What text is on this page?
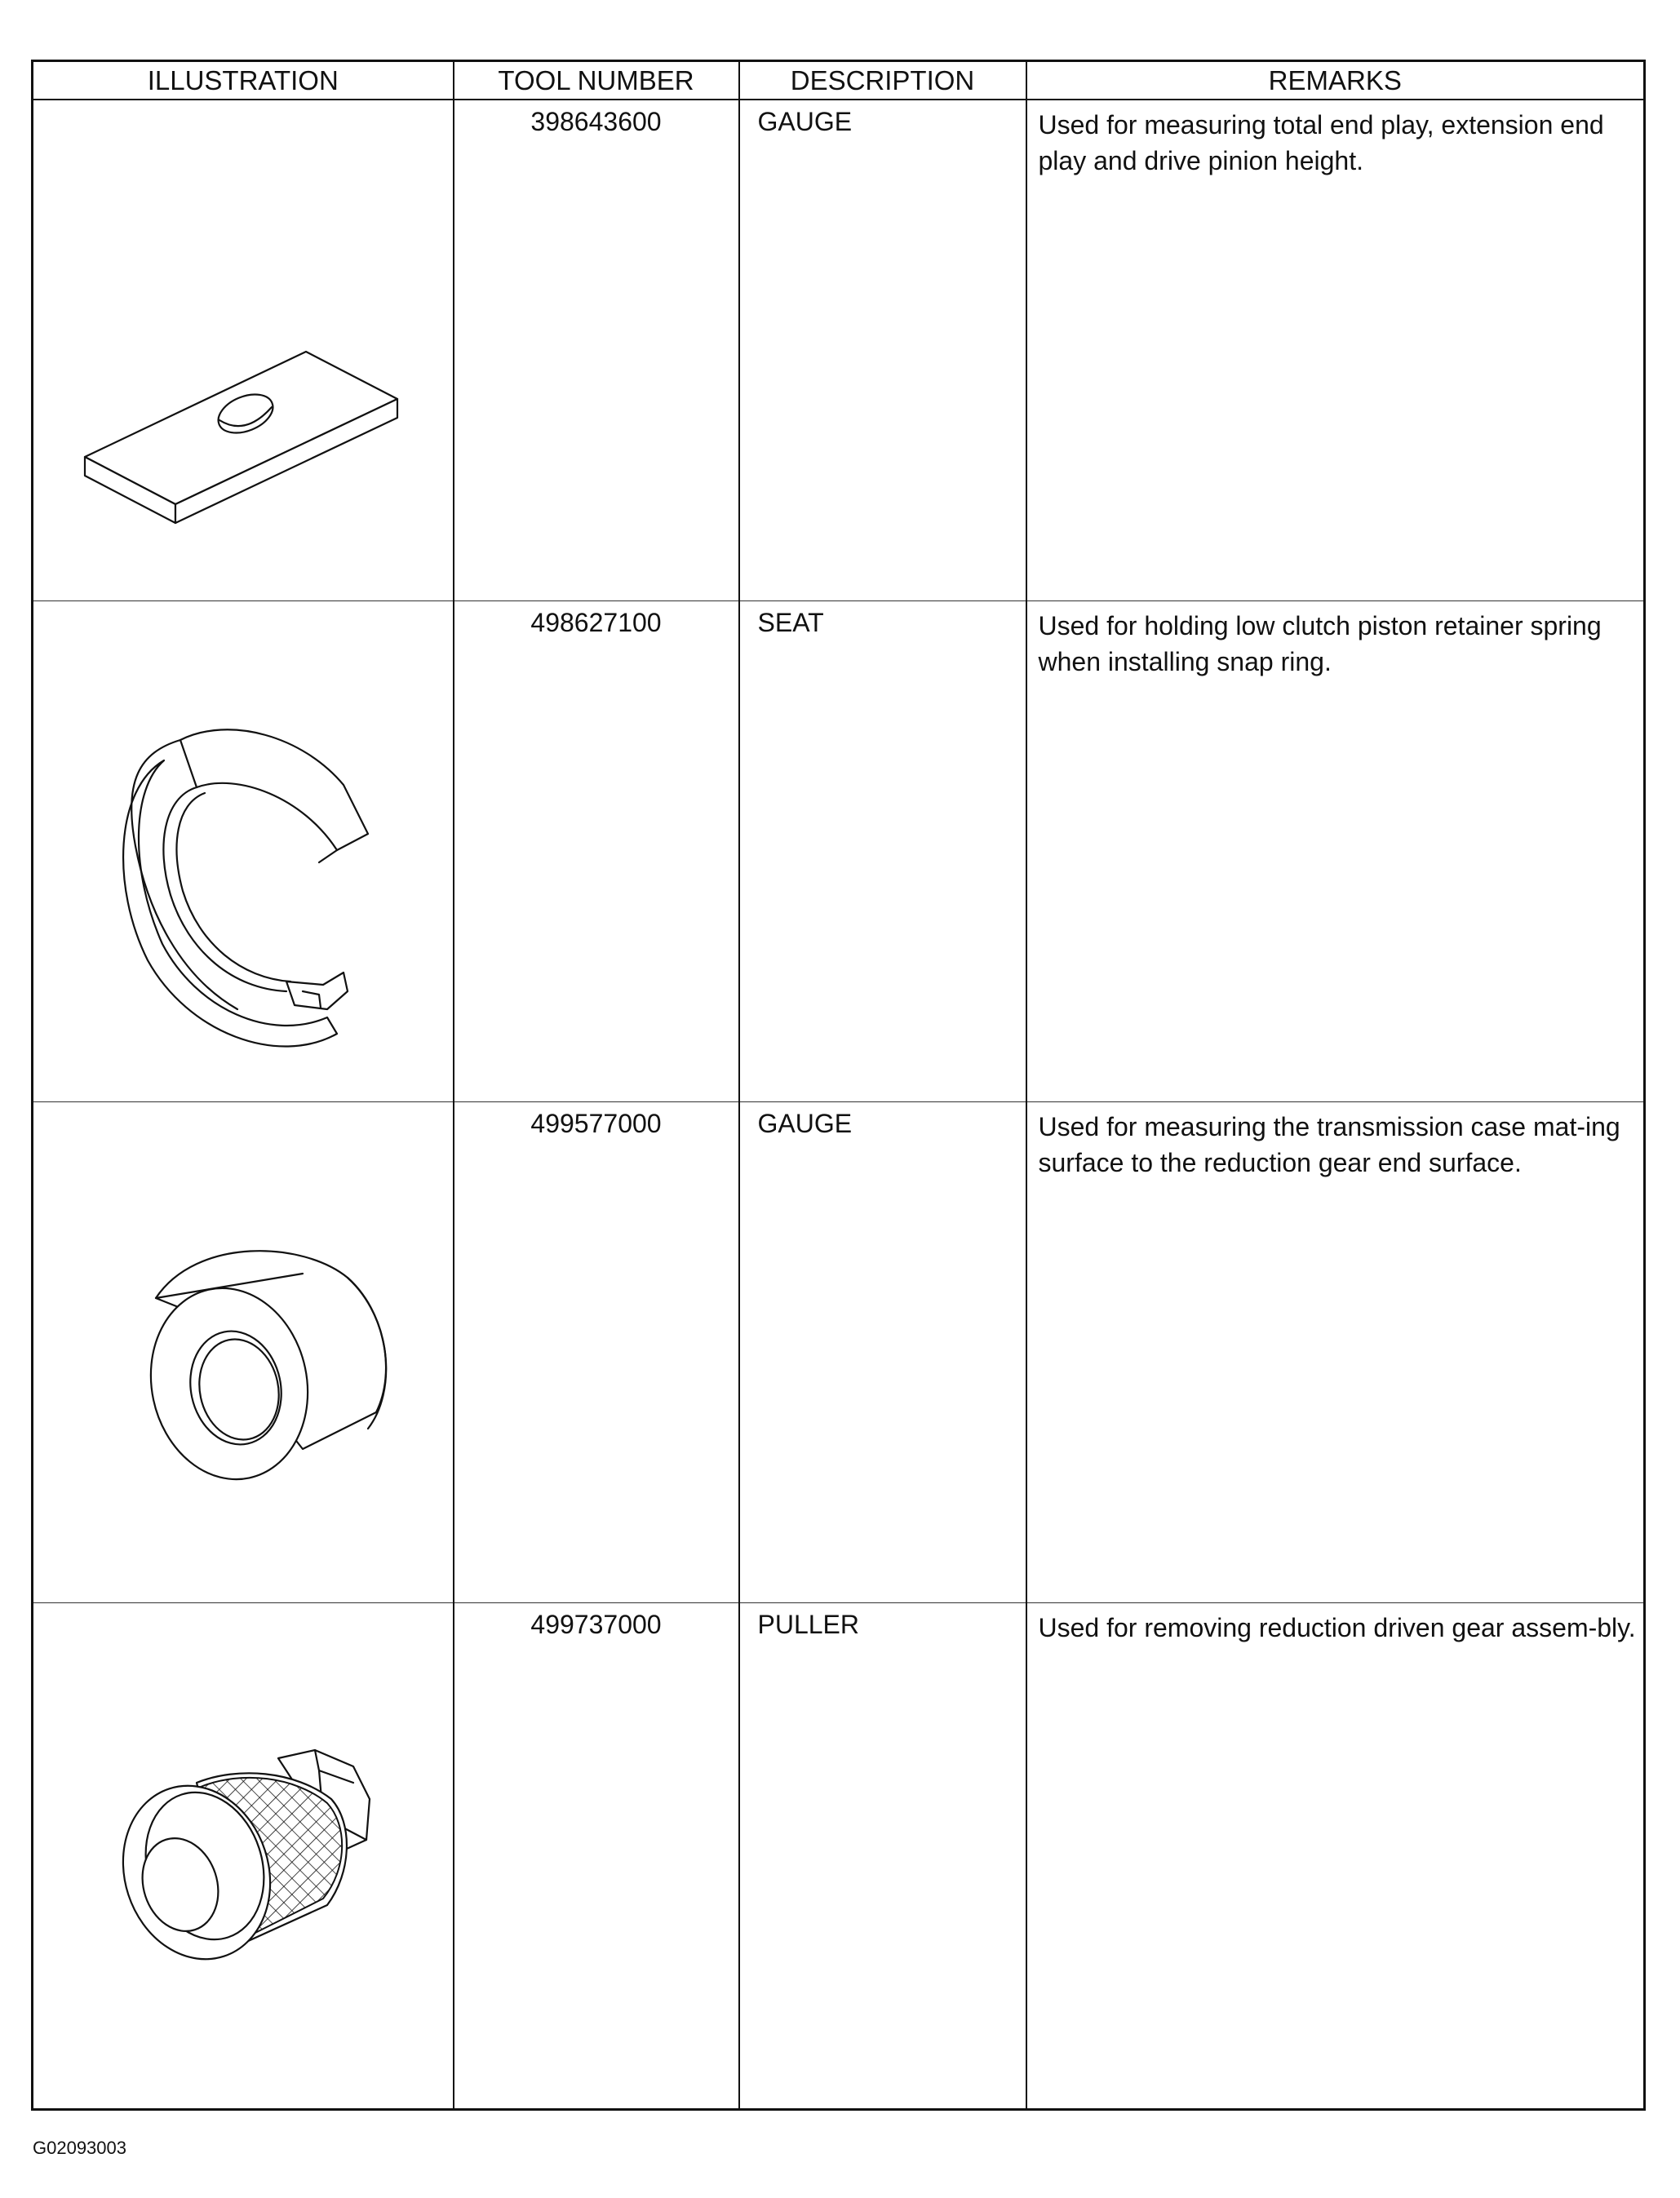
ILLUSTRATION	TOOL NUMBER	DESCRIPTION	REMARKS

	398643600	GAUGE	Used for measuring total end play, extension end play and drive pinion height.

	498627100	SEAT	Used for holding low clutch piston retainer spring when installing snap ring.

	499577000	GAUGE	Used for measuring the transmission case mat-ing surface to the reduction gear end surface.

	499737000	PULLER	Used for removing reduction driven gear assem-bly.
G02093003
